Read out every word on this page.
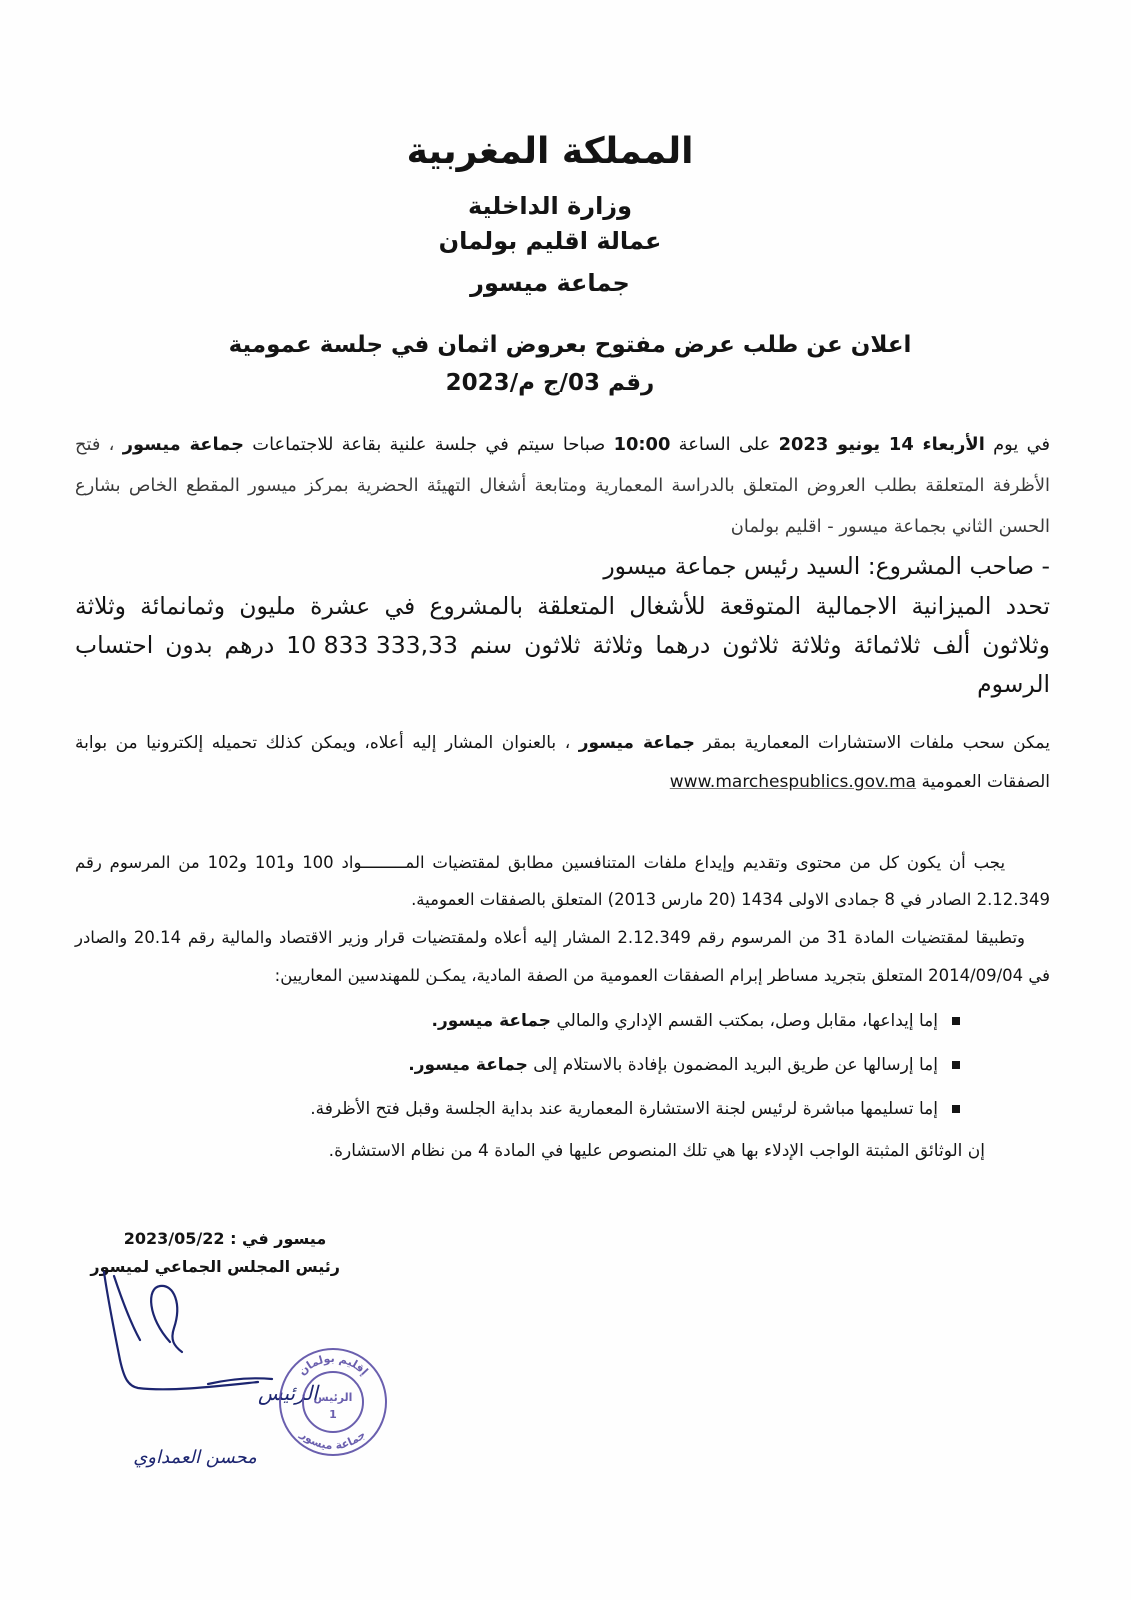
المملكة المغربية
وزارة الداخلية
عمالة اقليم بولمان
جماعة ميسور
اعلان عن طلب عرض مفتوح بعروض اثمان في جلسة عمومية
رقم 03/ج م/2023

في يوم الأربعاء 14 يونيو 2023 على الساعة 10:00 صباحا سيتم في جلسة علنية بقاعة للاجتماعات جماعة ميسور ، فتح الأظرفة المتعلقة بطلب العروض المتعلق بالدراسة المعمارية ومتابعة أشغال التهيئة الحضرية بمركز ميسور المقطع الخاص بشارع الحسن الثاني بجماعة ميسور - اقليم بولمان

- صاحب المشروع: السيد رئيس جماعة ميسور

تحدد الميزانية الاجمالية المتوقعة للأشغال المتعلقة بالمشروع في عشرة مليون وثمانمائة وثلاثة وثلاثون ألف ثلاثمائة وثلاثة ثلاثون درهما وثلاثة ثلاثون سنم 10 833 333,33 درهم بدون احتساب الرسوم

يمكن سحب ملفات الاستشارات المعمارية بمقر جماعة ميسور ، بالعنوان المشار إليه أعلاه، ويمكن كذلك تحميله إلكترونيا من بوابة الصفقات العمومية www.marchespublics.gov.ma

يجب أن يكون كل من محتوى وتقديم وإيداع ملفات المتنافسين مطابق لمقتضيات المـــــــــواد 100 و101 و102 من المرسوم رقم 2.12.349 الصادر في 8 جمادى الاولى 1434 (20 مارس 2013) المتعلق بالصفقات العمومية.

وتطبيقا لمقتضيات المادة 31 من المرسوم رقم 2.12.349 المشار إليه أعلاه ولمقتضيات قرار وزير الاقتصاد والمالية رقم 20.14 والصادر في 2014/09/04 المتعلق بتجريد مساطر إبرام الصفقات العمومية من الصفة المادية، يمكـن للمهندسين المعاريين:

إما إيداعها، مقابل وصل، بمكتب القسم الإداري والمالي جماعة ميسور.
إما إرسالها عن طريق البريد المضمون بإفادة بالاستلام إلى جماعة ميسور.
إما تسليمها مباشرة لرئيس لجنة الاستشارة المعمارية عند بداية الجلسة وقبل فتح الأظرفة.

إن الوثائق المثبتة الواجب الإدلاء بها هي تلك المنصوص عليها في المادة 4 من نظام الاستشارة.

ميسور في : 2023/05/22
رئيس المجلس الجماعي لميسور
الرئيس
محسن العمداوي
إقليم بولمان
جماعة ميسور
الرئيس
1
